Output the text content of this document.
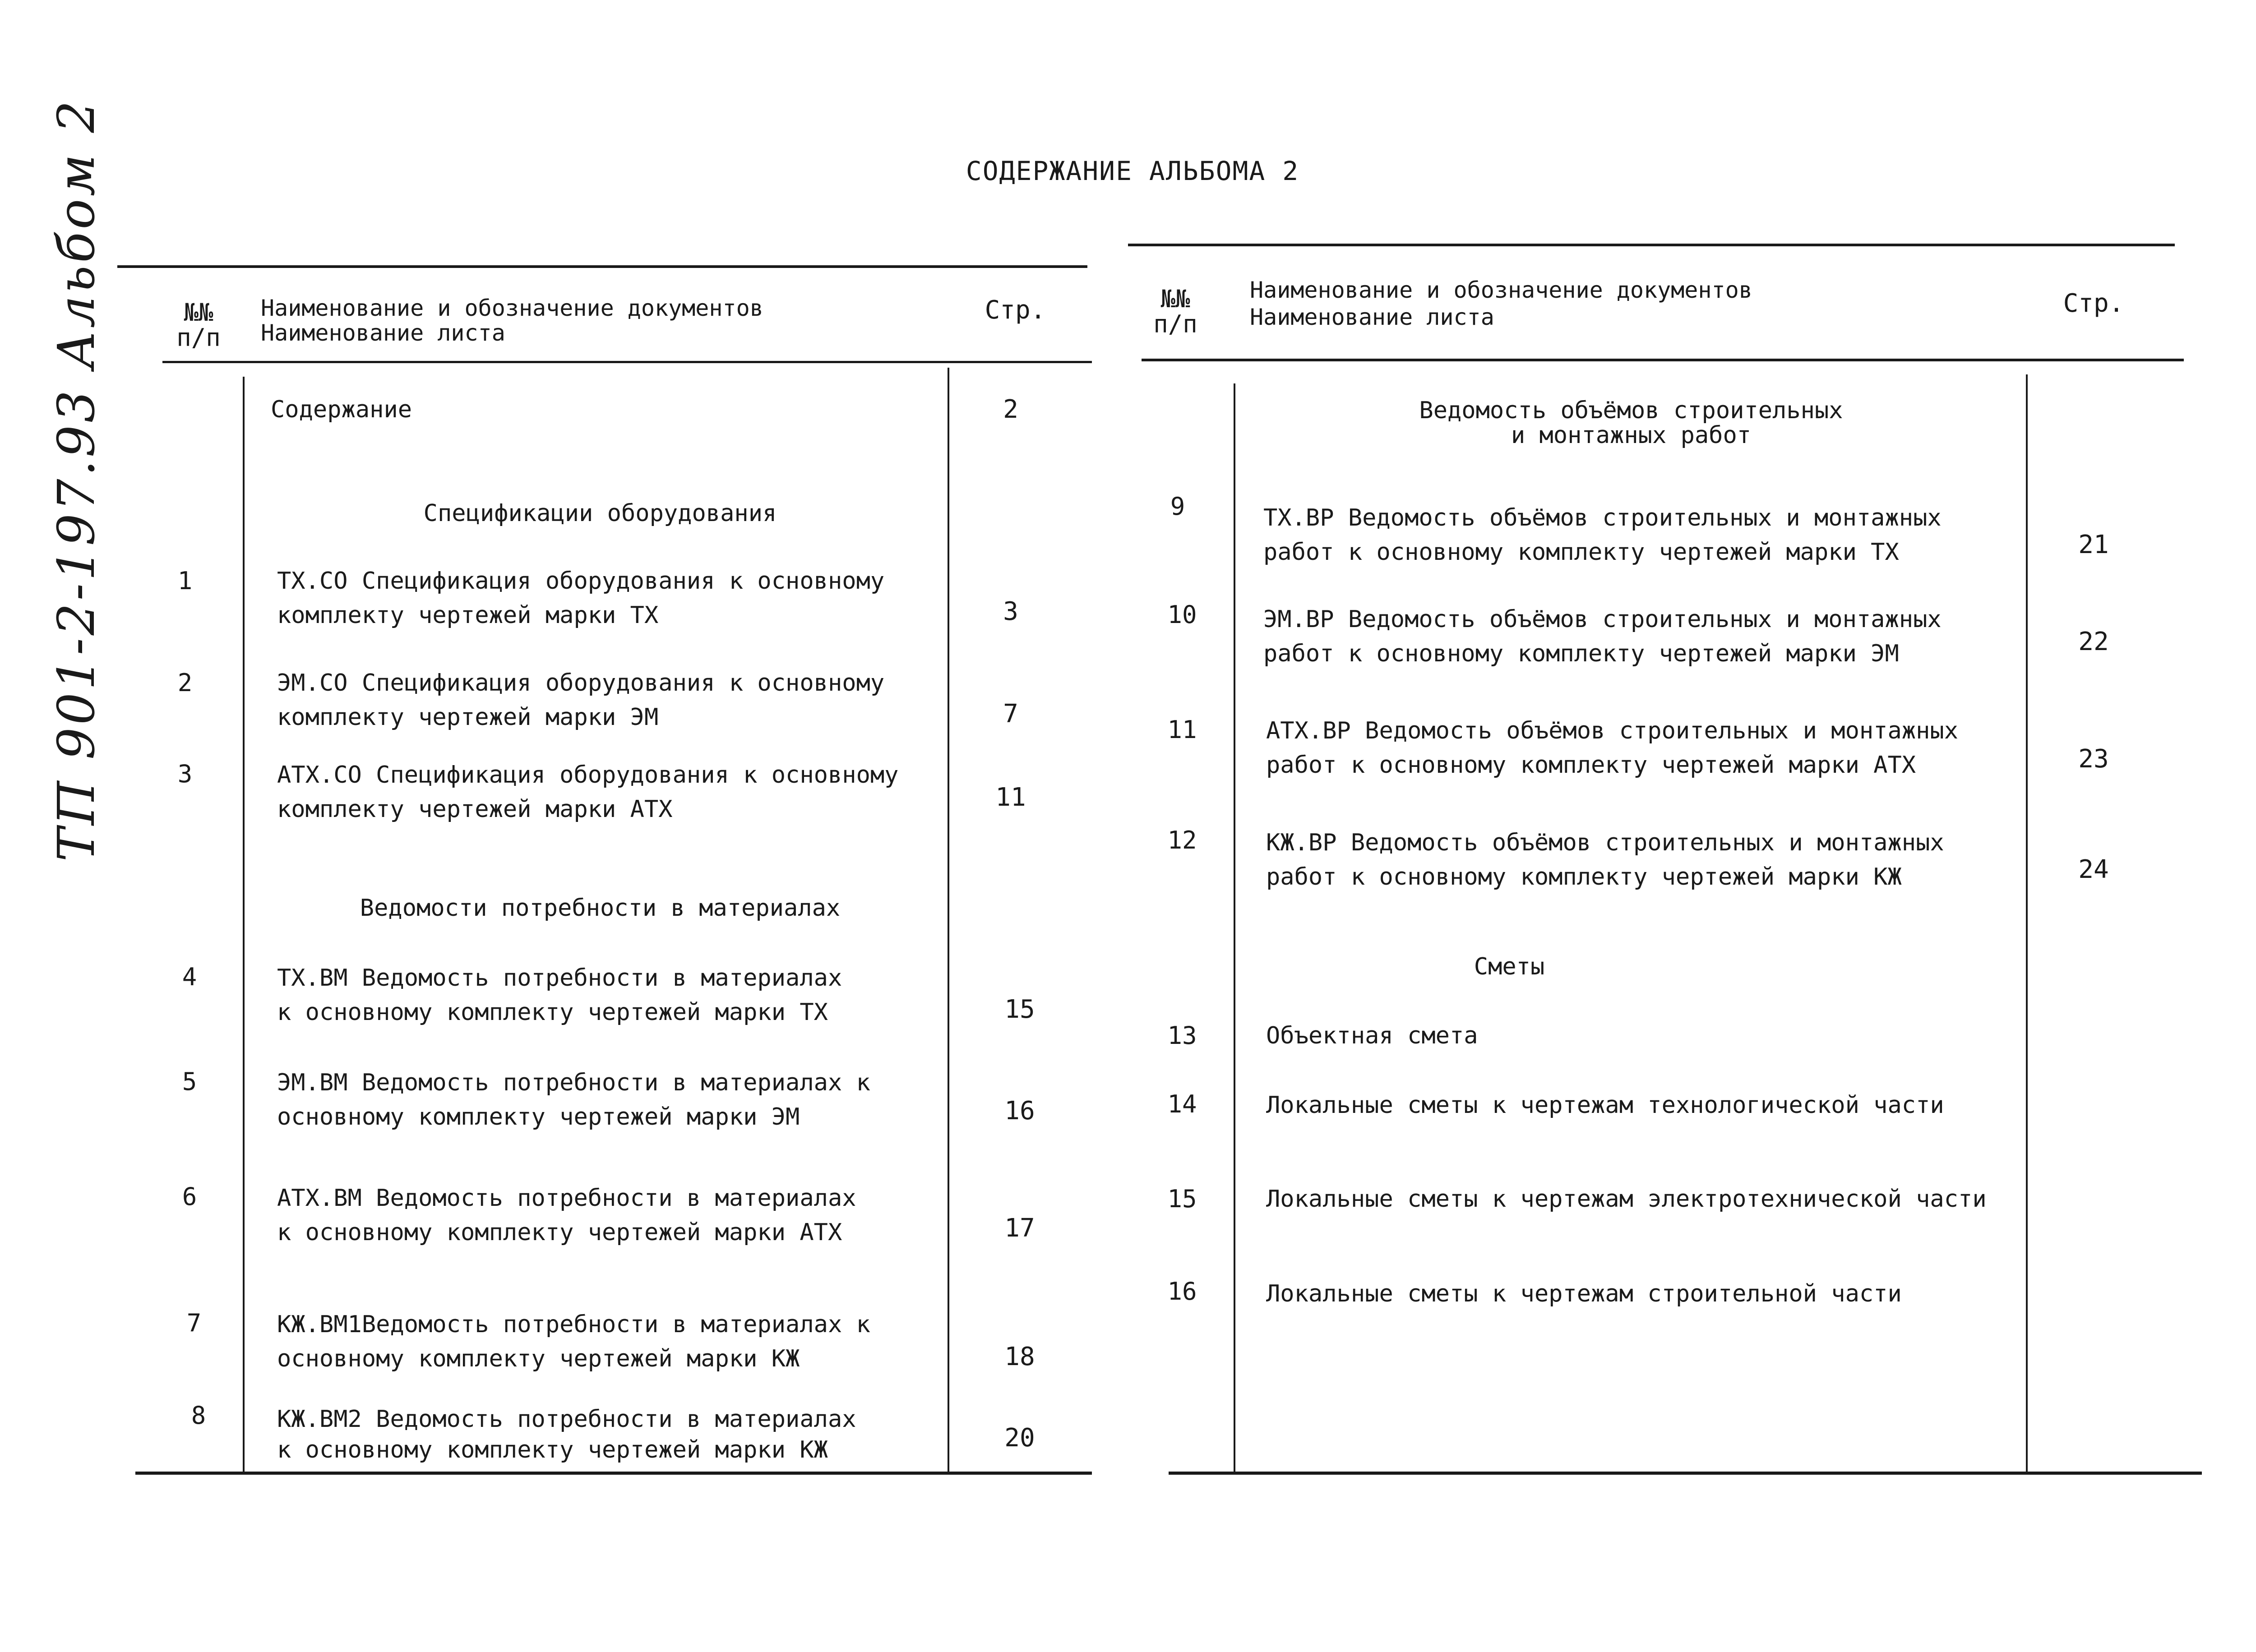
СОДЕРЖАНИЕ АЛЬБОМА 2
ТП 901-2-197.93 Альбом 2	№№ п/п
Наименование и обозначение документов
Наименование листа
Стр.
Содержание	2
Спецификации оборудования
1	ТХ.СО Спецификация оборудования к основному
комплекту чертежей марки ТХ	3
2	ЭМ.СО Спецификация оборудования к основному
комплекту чертежей марки ЭМ	7
3	АТХ.СО Спецификация оборудования к основному
комплекту чертежей марки АТХ	11
Ведомости потребности в материалах
4	ТХ.ВМ Ведомость потребности в материалах
к основному комплекту чертежей марки ТХ	15
5	ЭМ.ВМ Ведомость потребности в материалах к
основному комплекту чертежей марки ЭМ	16
6	АТХ.ВМ Ведомость потребности в материалах
к основному комплекту чертежей марки АТХ	17
7	КЖ.ВМ1Ведомость потребности в материалах к
основному комплекту чертежей марки КЖ	18
8	КЖ.ВМ2 Ведомость потребности в материалах
к основному комплекту чертежей марки КЖ	20
№№ п/п
Наименование и обозначение документов
Наименование листа	Стр.
Ведомость объёмов строительных
и монтажных работ
9	ТХ.ВР Ведомость объёмов строительных и монтажных
работ к основному комплекту чертежей марки ТХ	21
10	ЭМ.ВР Ведомость объёмов строительных и монтажных
работ к основному комплекту чертежей марки ЭМ	22
11	АТХ.ВР Ведомость объёмов строительных и монтажных
работ к основному комплекту чертежей марки АТХ	23
12	КЖ.ВР Ведомость объёмов строительных и монтажных
работ к основному комплекту чертежей марки КЖ	24
Сметы
13	Объектная смета
14	Локальные сметы к чертежам технологической части
15	Локальные сметы к чертежам электротехнической части
16	Локальные сметы к чертежам строительной части
